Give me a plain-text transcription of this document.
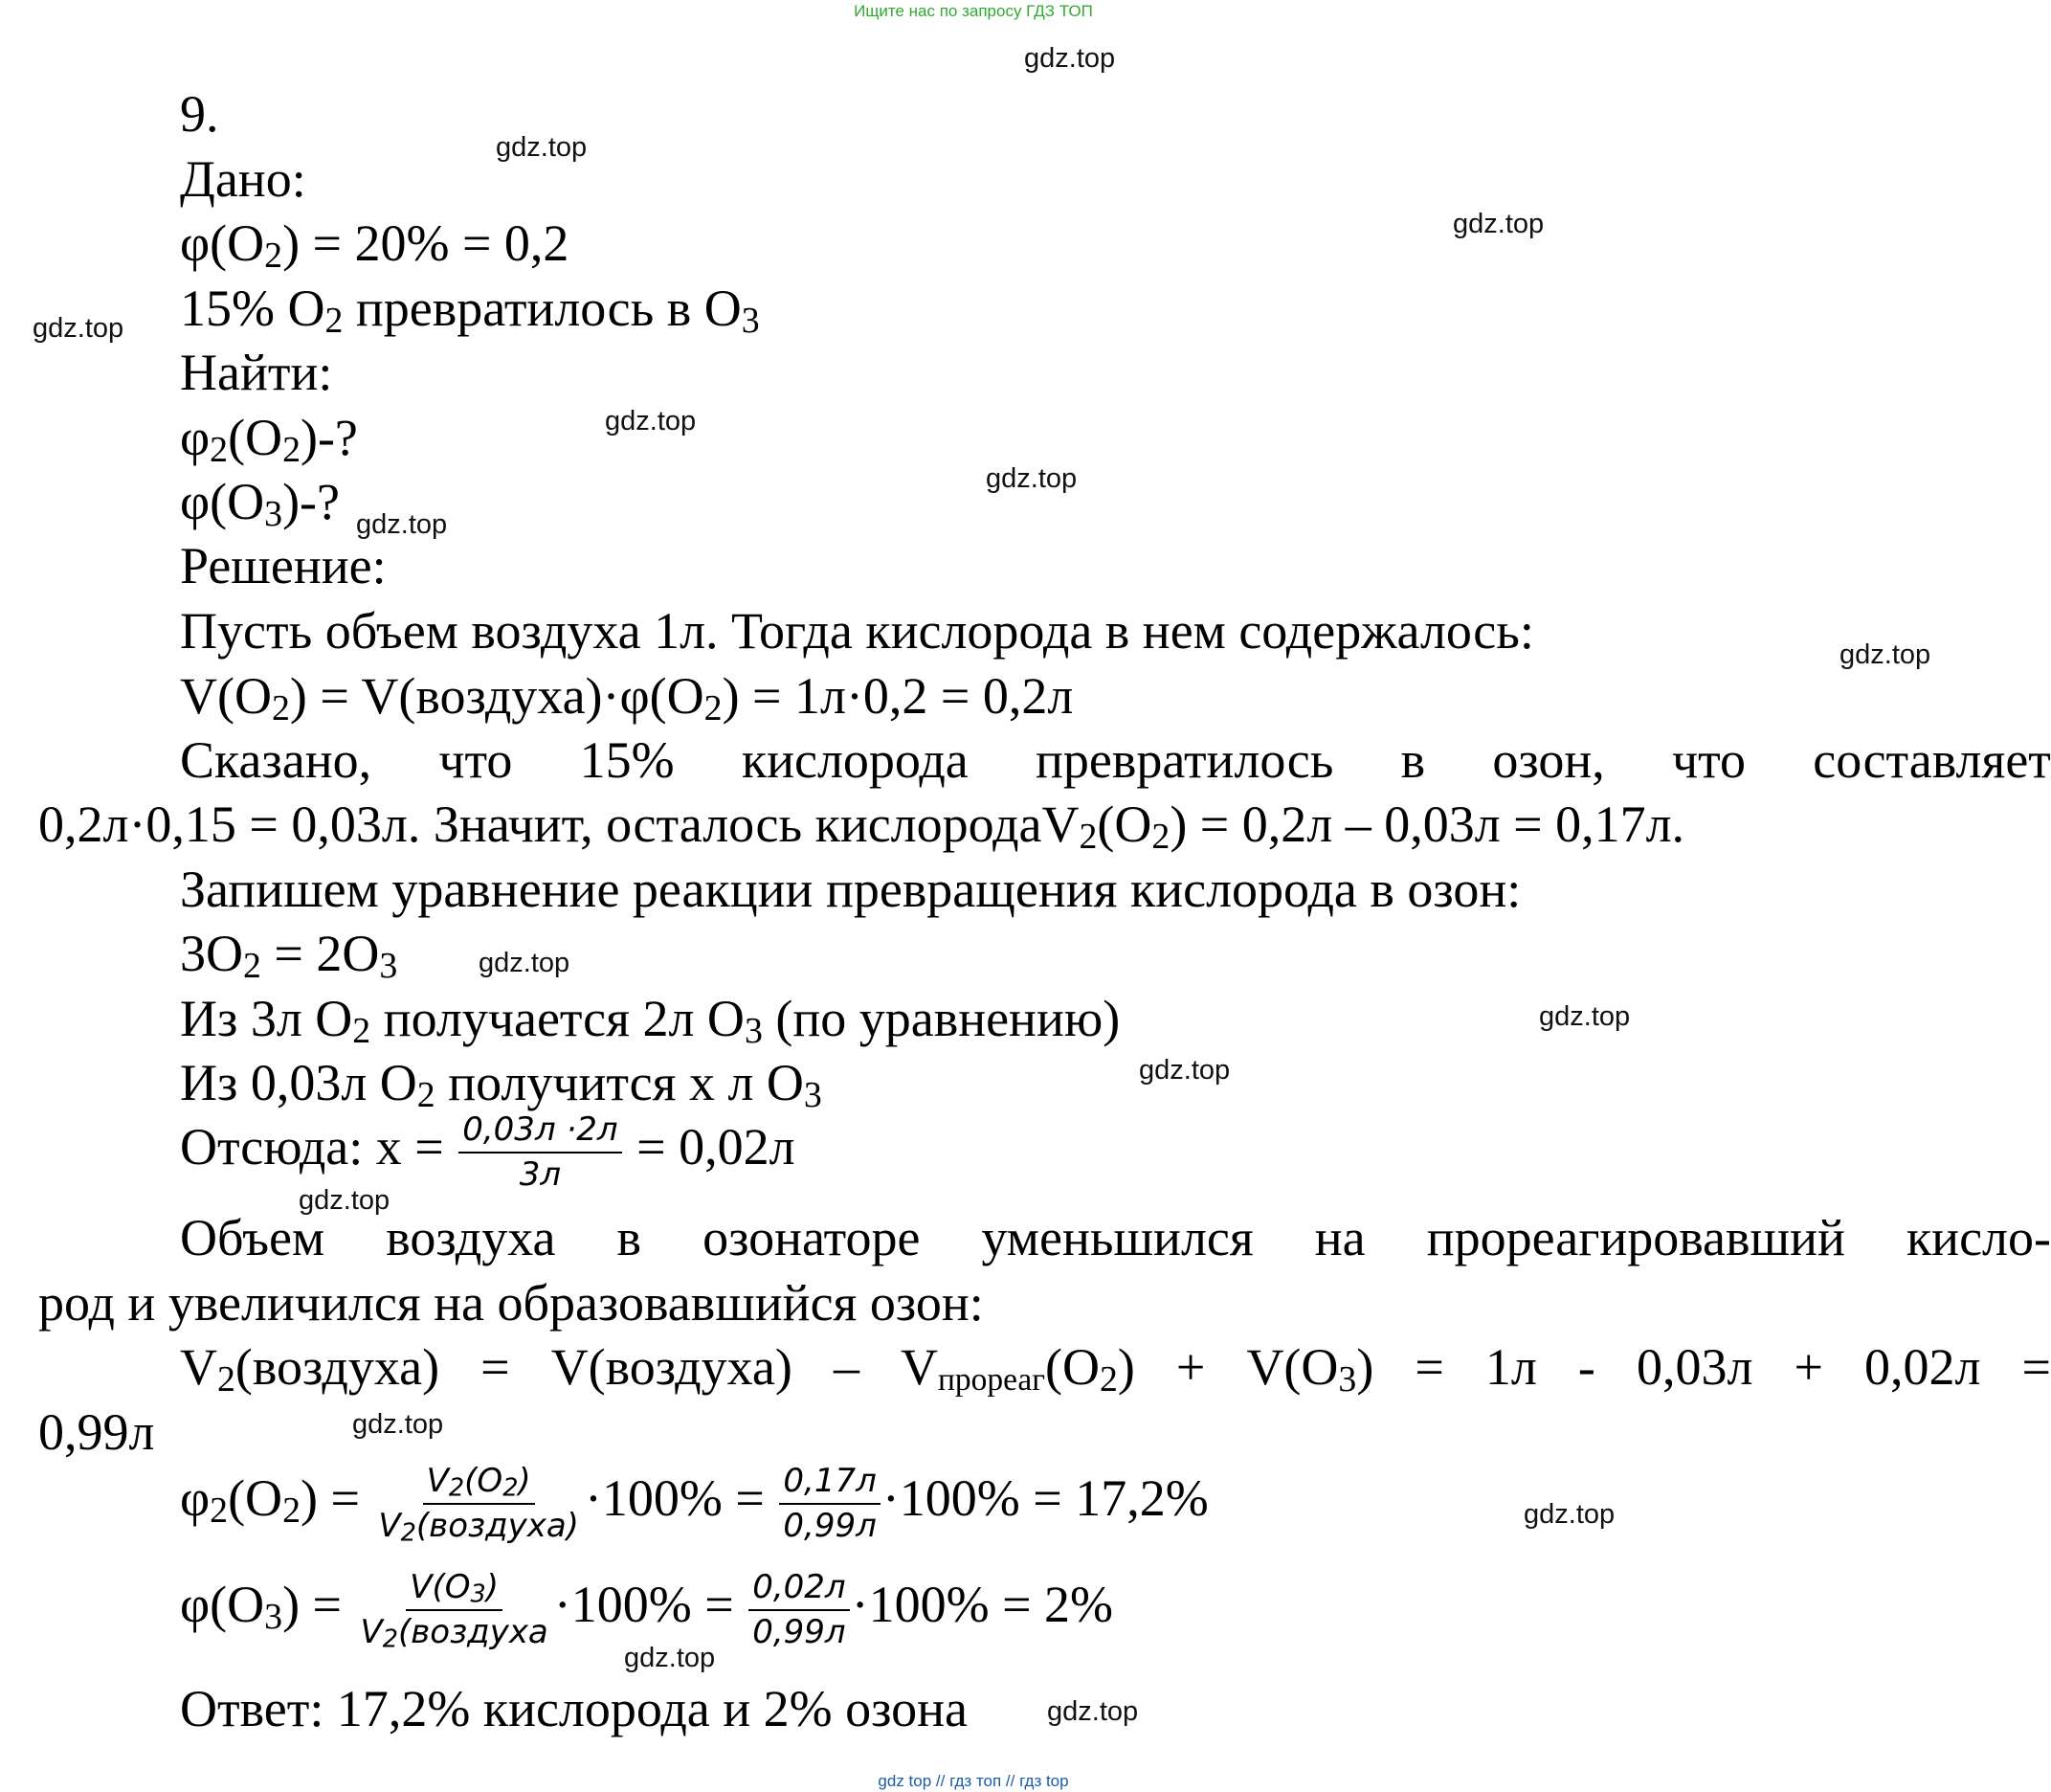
Ищите нас по запросу ГДЗ ТОП
gdz.top
gdz.top
gdz.top
gdz.top
gdz.top
gdz.top
gdz.top
gdz.top
gdz.top
gdz.top
gdz.top
gdz.top
gdz.top
gdz.top
gdz.top
gdz.top
9.
Дано:
$\varphi(O_2) = 20\% = 0,2$
15% $O_2$ превратилось в $O_3$
Найти:
$\varphi_2(O_2)-$?
$\varphi(O_3)-$?
Решение:
Пусть объем воздуха 1л. Тогда кислорода в нем содержалось:
$V(O_2)$ = $V(воздуха)\cdot\varphi(O_2) = 1л\cdot 0,2 = 0,2л$
Сказано, что 15% кислорода превратилось в озон, что составляет
0,2л·0,15 = 0,03л. Значит, осталось $кислородаV_2(O_2) = 0,2л - 0,03л = 0,17л$.
Запишем уравнение реакции превращения кислорода в озон:
$3O_2 = 2O_3$
Из 3л $O_2$ получается 2л $O_3$ (по уравнению)
Из 0,03л $O_2$ получится х л $O_3$
Отсюда: $x = \frac{0,03л \cdot 2л}{3л} = 0,02л$
Объем воздуха в озонаторе уменьшился на прореагировавший кисло-
род и увеличился на образовавшийся озон:
$V_2(воздуха)$ = V(воздуха) – $V_{прореаг}(O_2) + V(O_3) = 1л - 0,03л + 0,02л$ =
0,99л
$\varphi_2(O_2) = \frac{V_2(O_2)}{V_2(воздуха)} \cdot 100\% = \frac{0,17л}{0,99л} \cdot 100\% = 17,2\%$
$\varphi(O_3) = \frac{V(O_3)}{V_2(воздуха} \cdot 100\% = \frac{0,02л}{0,99л} \cdot 100\% = 2\%$
Ответ: 17,2% кислорода и 2% озона
gdz top // гдз топ // гдз top
